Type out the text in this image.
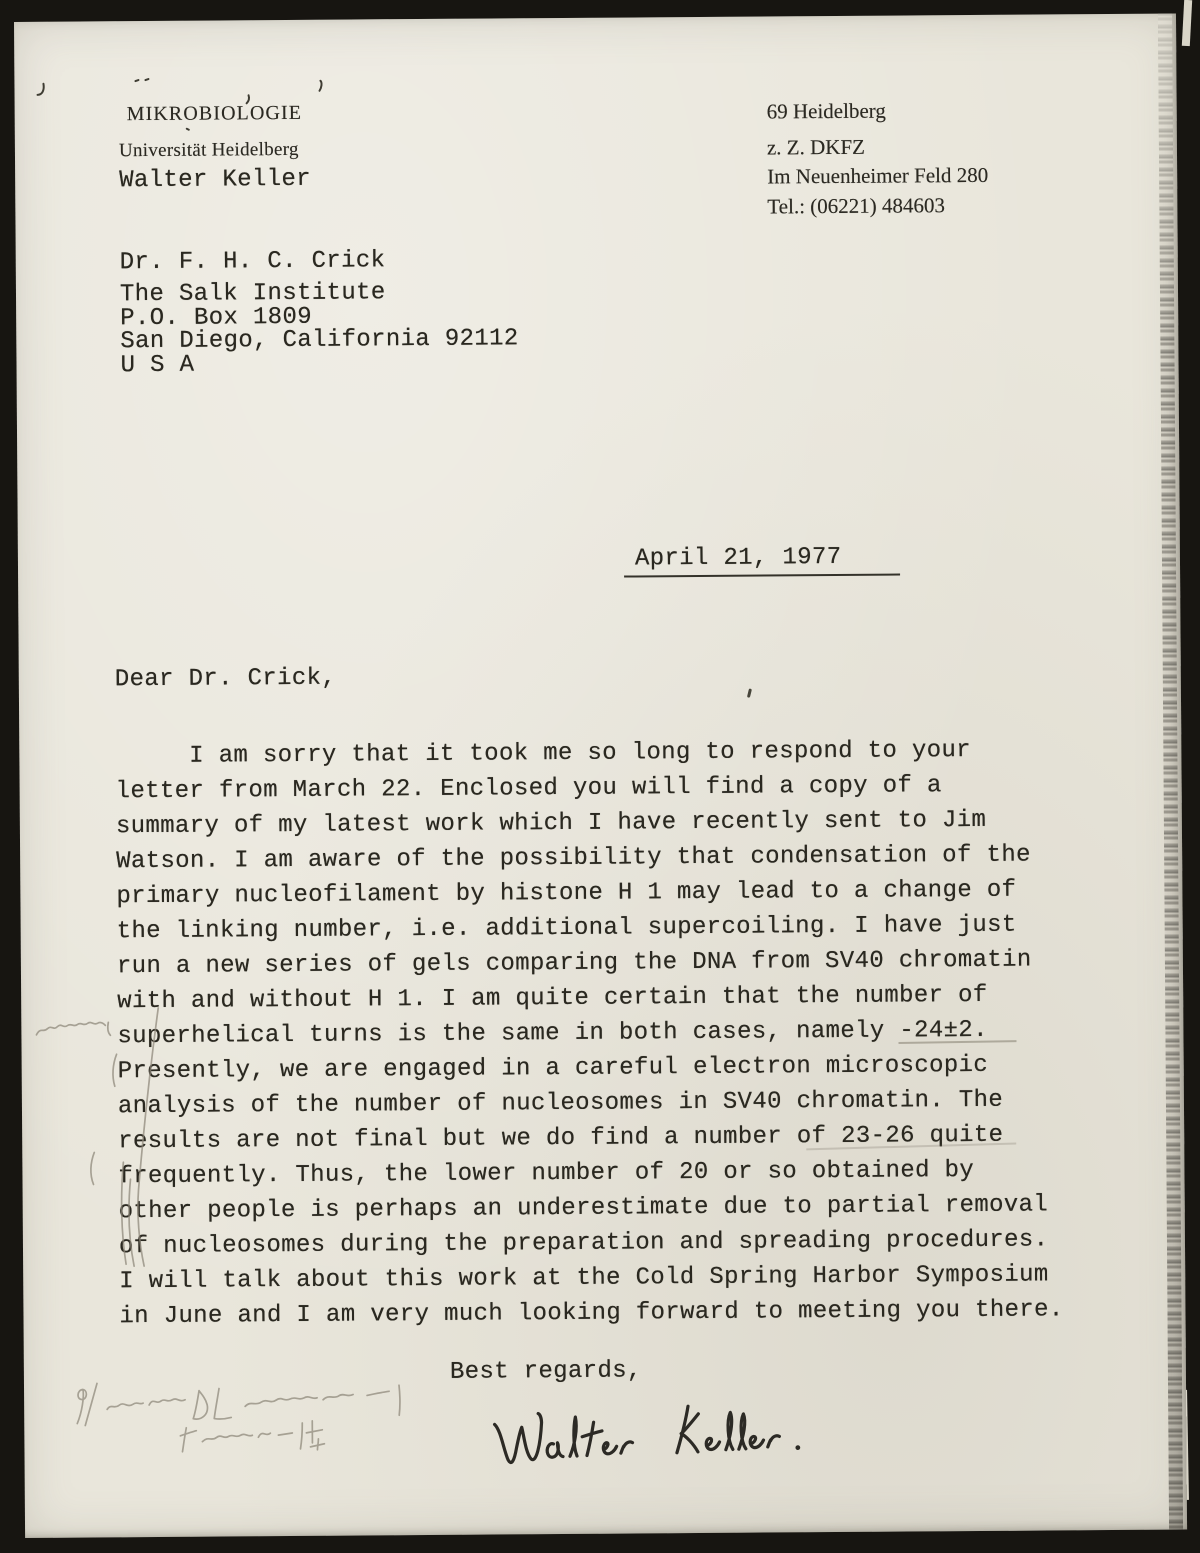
MIKROBIOLOGIE
Universität Heidelberg
Walter Keller
69 Heidelberg
z. Z. DKFZ
Im Neuenheimer Feld 280
Tel.: (06221) 484603
Dr. F. H. C. Crick
The Salk Institute
P.O. Box 1809
San Diego, California 92112
U S A
April 21, 1977
Dear Dr. Crick,
I am sorry that it took me so long to respond to your
letter from March 22. Enclosed you will find a copy of a
summary of my latest work which I have recently sent to Jim
Watson. I am aware of the possibility that condensation of the
primary nucleofilament by histone H 1 may lead to a change of
the linking number, i.e. additional supercoiling. I have just
run a new series of gels comparing the DNA from SV40 chromatin
with and without H 1. I am quite certain that the number of
superhelical turns is the same in both cases, namely -24±2.
Presently, we are engaged in a careful electron microscopic
analysis of the number of nucleosomes in SV40 chromatin. The
results are not final but we do find a number of 23-26 quite
frequently. Thus, the lower number of 20 or so obtained by
other people is perhaps an underestimate due to partial removal
of nucleosomes during the preparation and spreading procedures.
I will talk about this work at the Cold Spring Harbor Symposium
in June and I am very much looking forward to meeting you there.
Best regards,
